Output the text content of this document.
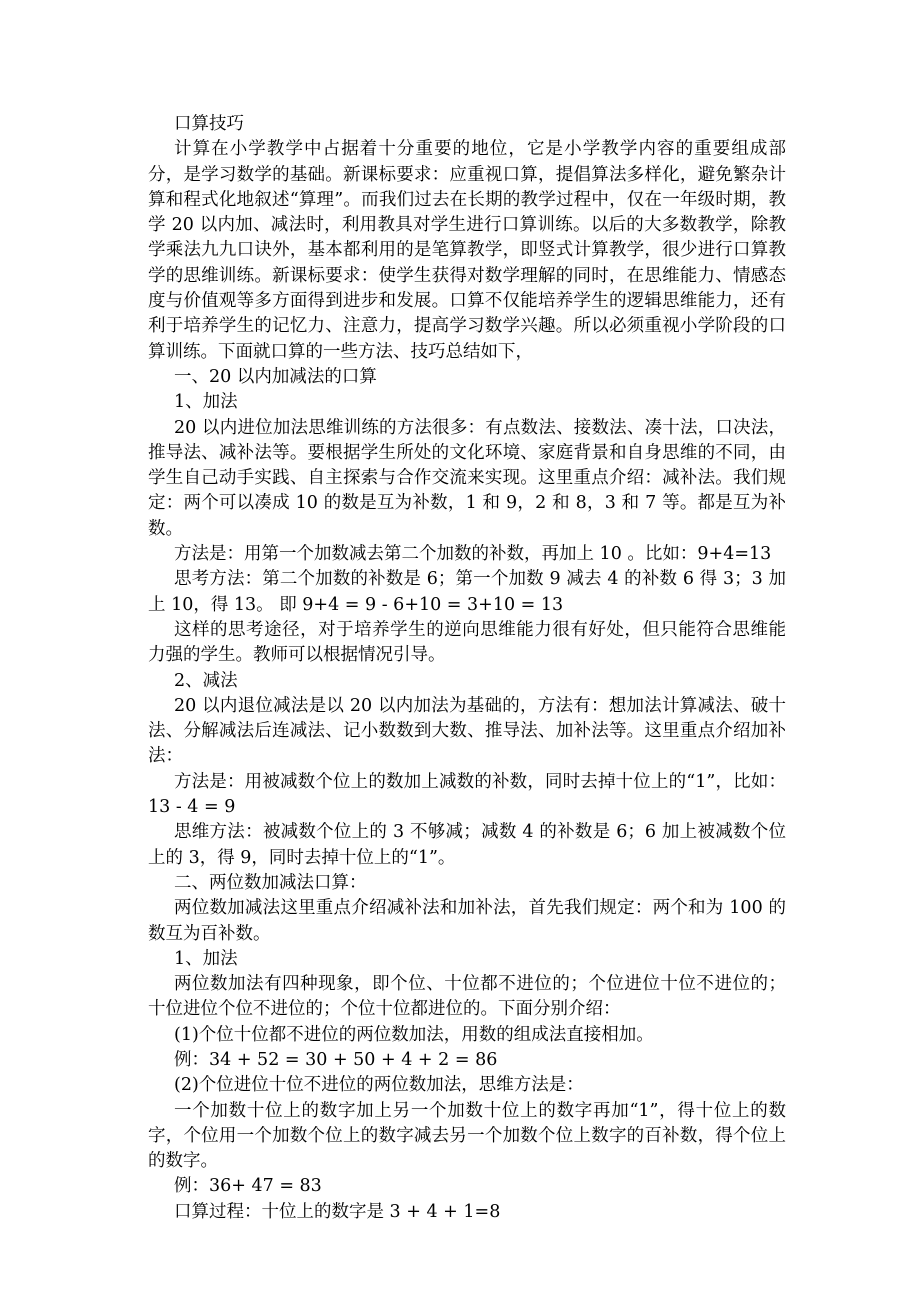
口算技巧

计算在小学教学中占据着十分重要的地位，它是小学教学内容的重要组成部分，是学习数学的基础。新课标要求：应重视口算，提倡算法多样化，避免繁杂计算和程式化地叙述“算理”。而我们过去在长期的教学过程中，仅在一年级时期，教学 20 以内加、减法时，利用教具对学生进行口算训练。以后的大多数教学，除教学乘法九九口诀外，基本都利用的是笔算教学，即竖式计算教学，很少进行口算教学的思维训练。新课标要求：使学生获得对数学理解的同时，在思维能力、情感态度与价值观等多方面得到进步和发展。口算不仅能培养学生的逻辑思维能力，还有利于培养学生的记忆力、注意力，提高学习数学兴趣。所以必须重视小学阶段的口算训练。下面就口算的一些方法、技巧总结如下，

一、20 以内加减法的口算

1、加法

20 以内进位加法思维训练的方法很多：有点数法、接数法、凑十法，口决法，推导法、减补法等。要根据学生所处的文化环境、家庭背景和自身思维的不同，由学生自己动手实践、自主探索与合作交流来实现。这里重点介绍：减补法。我们规定：两个可以凑成 10 的数是互为补数，1 和 9，2 和 8，3 和 7 等。都是互为补数。

方法是：用第一个加数减去第二个加数的补数，再加上 10 。比如：9+4=13

思考方法：第二个加数的补数是 6；第一个加数 9 减去 4 的补数 6 得 3；3 加上 10，得 13。 即 9+4 = 9 - 6+10 = 3+10 = 13

这样的思考途径，对于培养学生的逆向思维能力很有好处，但只能符合思维能力强的学生。教师可以根据情况引导。

2、减法

20 以内退位减法是以 20 以内加法为基础的，方法有：想加法计算减法、破十法、分解减法后连减法、记小数数到大数、推导法、加补法等。这里重点介绍加补法：

方法是：用被减数个位上的数加上减数的补数，同时去掉十位上的“1”，比如：13 - 4 = 9

思维方法：被减数个位上的 3 不够减；减数 4 的补数是 6；6 加上被减数个位上的 3，得 9，同时去掉十位上的“1”。

二、两位数加减法口算：

两位数加减法这里重点介绍减补法和加补法，首先我们规定：两个和为 100 的数互为百补数。

1、加法

两位数加法有四种现象，即个位、十位都不进位的；个位进位十位不进位的；十位进位个位不进位的；个位十位都进位的。下面分别介绍：

(1)个位十位都不进位的两位数加法，用数的组成法直接相加。

例：34 + 52 = 30 + 50 + 4 + 2 = 86

(2)个位进位十位不进位的两位数加法，思维方法是：

一个加数十位上的数字加上另一个加数十位上的数字再加“1”，得十位上的数字，个位用一个加数个位上的数字减去另一个加数个位上数字的百补数，得个位上的数字。

例：36+ 47 = 83

口算过程：十位上的数字是 3 + 4 + 1=8
